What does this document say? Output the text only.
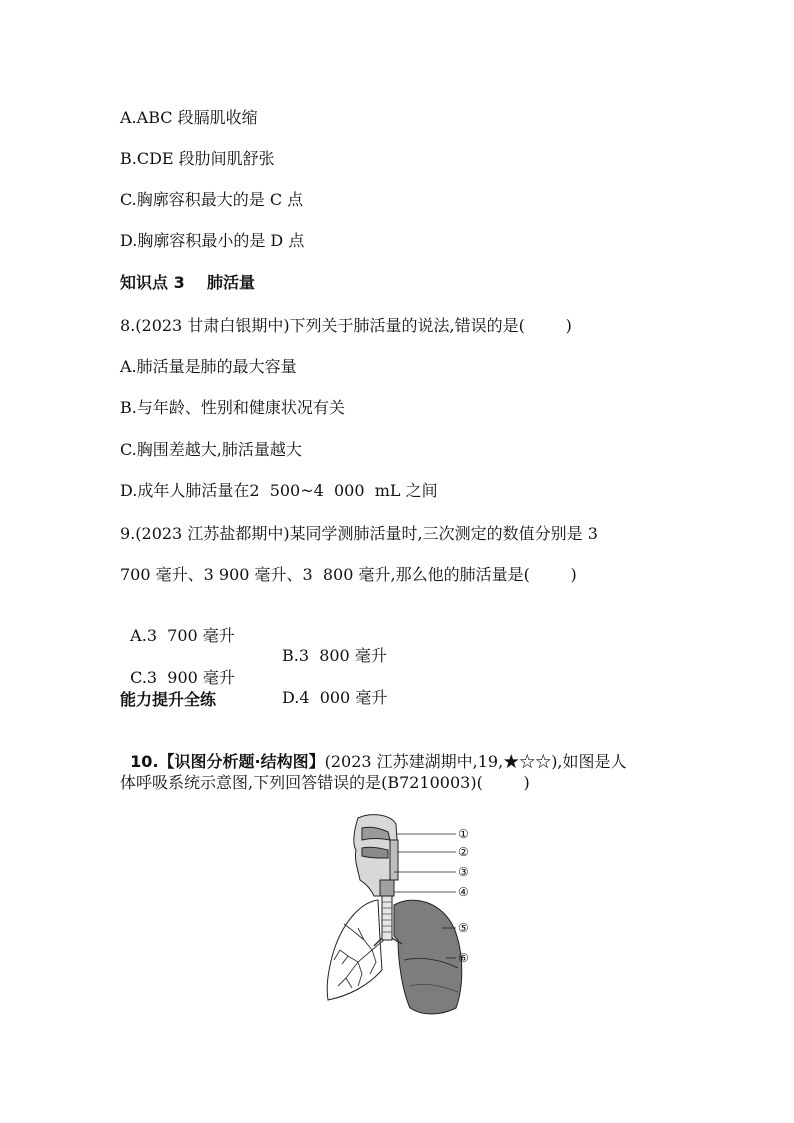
A.ABC 段膈肌收缩
B.CDE 段肋间肌舒张
C.胸廓容积最大的是 C 点
D.胸廓容积最小的是 D 点
知识点 3    肺活量
8.(2023 甘肃白银期中)下列关于肺活量的说法,错误的是(        )
A.肺活量是肺的最大容量
B.与年龄、性别和健康状况有关
C.胸围差越大,肺活量越大
D.成年人肺活量在2  500~4  000  mL 之间
9.(2023 江苏盐都期中)某同学测肺活量时,三次测定的数值分别是 3
700 毫升、3 900 毫升、3  800 毫升,那么他的肺活量是(        )

A.3  700 毫升

B.3  800 毫升

C.3  900 毫升

D.4  000 毫升

能力提升全练

10.【识图分析题·结构图】(2023 江苏建湖期中,19,★☆☆),如图是人

体呼吸系统示意图,下列回答错误的是(B7210003)(        )
①
②
③
④
⑤
⑥
